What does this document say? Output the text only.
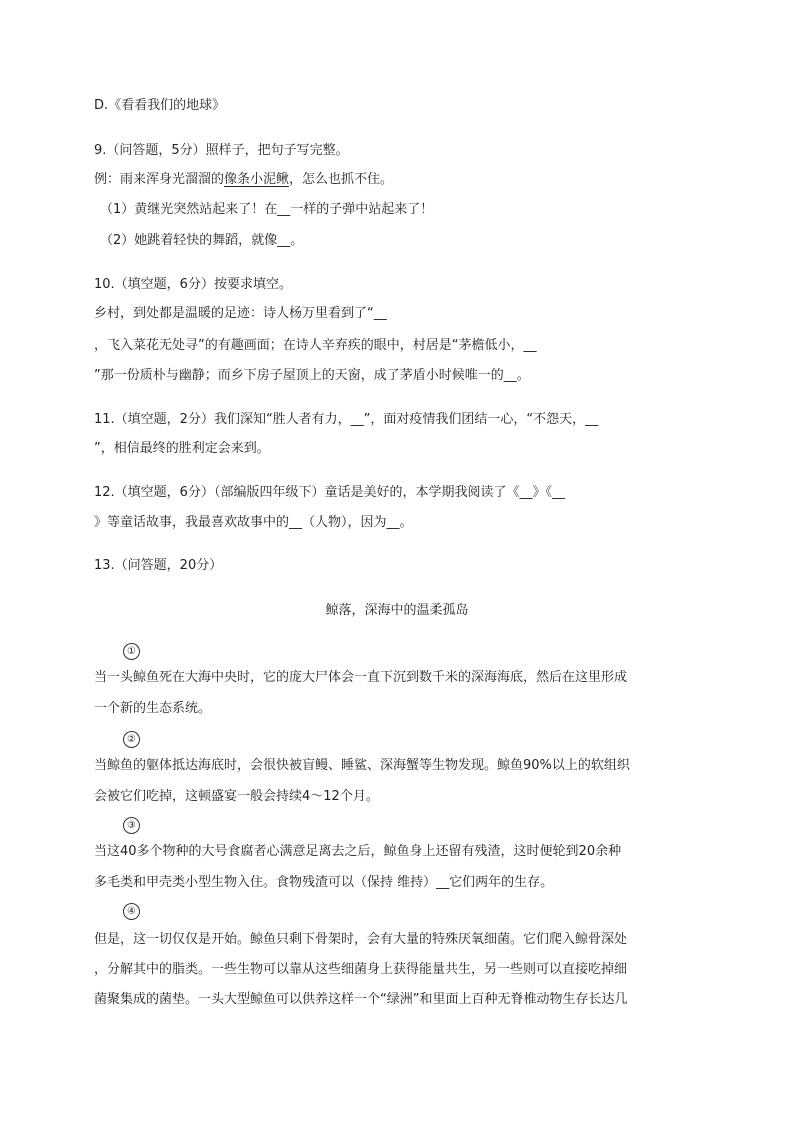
D.《看看我们的地球》
9.（问答题，5分）照样子，把句子写完整。
例：雨来浑身光溜溜的像条小泥鳅，怎么也抓不住。
（1）黄继光突然站起来了！在__一样的子弹中站起来了！
（2）她跳着轻快的舞蹈，就像__。
10.（填空题，6分）按要求填空。
乡村，到处都是温暖的足迹：诗人杨万里看到了“__
，飞入菜花无处寻”的有趣画面；在诗人辛弃疾的眼中，村居是“茅檐低小，__
”那一份质朴与幽静；而乡下房子屋顶上的天窗，成了茅盾小时候唯一的__。
11.（填空题，2分）我们深知“胜人者有力，__”，面对疫情我们团结一心，“不怨天，__
”，相信最终的胜利定会来到。
12.（填空题，6分）（部编版四年级下）童话是美好的，本学期我阅读了《__》《__
》等童话故事，我最喜欢故事中的__（人物），因为__。
13.（问答题，20分）
鲸落，深海中的温柔孤岛
①
当一头鲸鱼死在大海中央时，它的庞大尸体会一直下沉到数千米的深海海底，然后在这里形成
一个新的生态系统。
②
当鲸鱼的躯体抵达海底时，会很快被盲鳗、睡鲨、深海蟹等生物发现。鲸鱼90%以上的软组织
会被它们吃掉，这顿盛宴一般会持续4～12个月。
③
当这40多个物种的大号食腐者心满意足离去之后，鲸鱼身上还留有残渣，这时便轮到20余种
多毛类和甲壳类小型生物入住。食物残渣可以（保持 维持）__它们两年的生存。
④
但是，这一切仅仅是开始。鲸鱼只剩下骨架时，会有大量的特殊厌氧细菌。它们爬入鲸骨深处
，分解其中的脂类。一些生物可以靠从这些细菌身上获得能量共生，另一些则可以直接吃掉细
菌聚集成的菌垫。一头大型鲸鱼可以供养这样一个“绿洲”和里面上百种无脊椎动物生存长达几
